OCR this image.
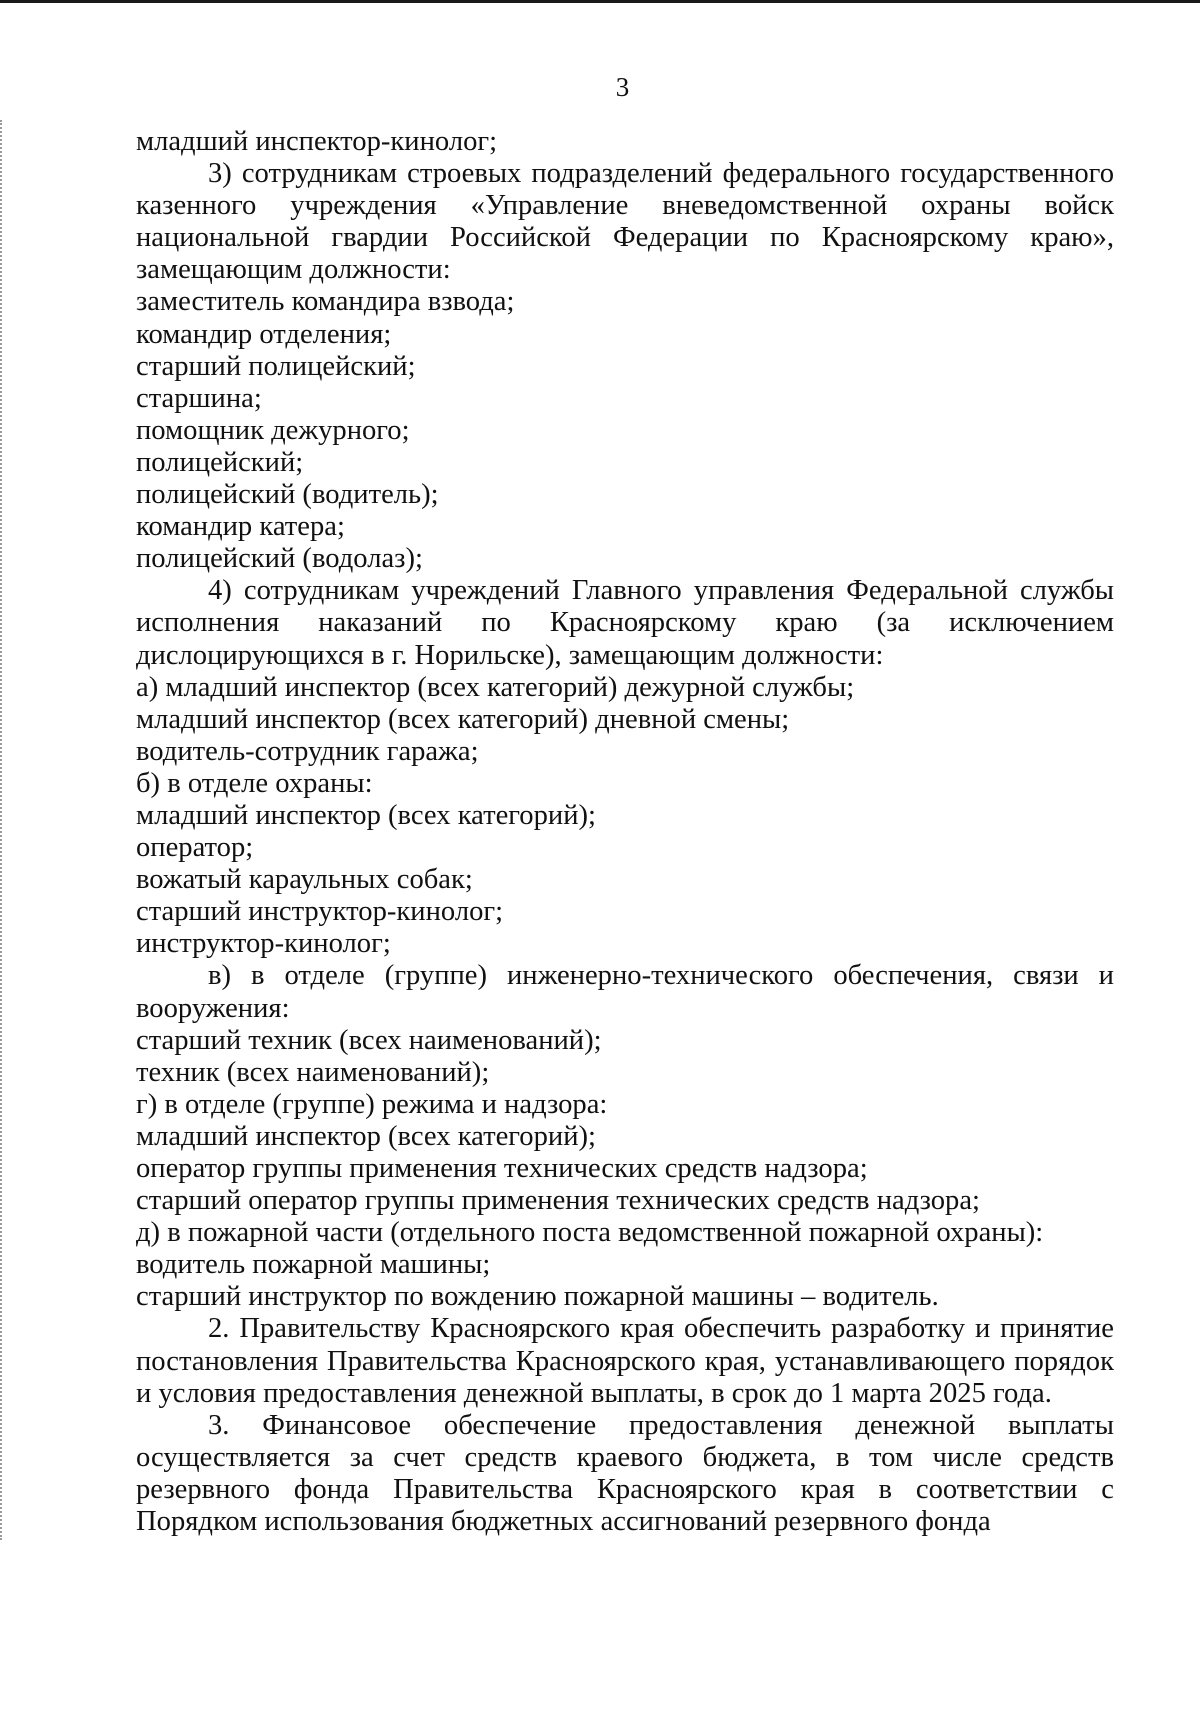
3

младший инспектор-кинолог;

3) сотрудникам строевых подразделений федерального государственного казенного учреждения «Управление вневедомственной охраны войск национальной гвардии Российской Федерации по Красноярскому краю», замещающим должности:

заместитель командира взвода;

командир отделения;

старший полицейский;

старшина;

помощник дежурного;

полицейский;

полицейский (водитель);

командир катера;

полицейский (водолаз);

4) сотрудникам учреждений Главного управления Федеральной службы исполнения наказаний по Красноярскому краю (за исключением дислоцирующихся в г. Норильске), замещающим должности:

а) младший инспектор (всех категорий) дежурной службы;

младший инспектор (всех категорий) дневной смены;

водитель-сотрудник гаража;

б) в отделе охраны:

младший инспектор (всех категорий);

оператор;

вожатый караульных собак;

старший инструктор-кинолог;

инструктор-кинолог;

в) в отделе (группе) инженерно-технического обеспечения, связи и вооружения:

старший техник (всех наименований);

техник (всех наименований);

г) в отделе (группе) режима и надзора:

младший инспектор (всех категорий);

оператор группы применения технических средств надзора;

старший оператор группы применения технических средств надзора;

д) в пожарной части (отдельного поста ведомственной пожарной охраны):

водитель пожарной машины;

старший инструктор по вождению пожарной машины – водитель.

2. Правительству Красноярского края обеспечить разработку и принятие постановления Правительства Красноярского края, устанавливающего порядок и условия предоставления денежной выплаты, в срок до 1 марта 2025 года.

3. Финансовое обеспечение предоставления денежной выплаты осуществляется за счет средств краевого бюджета, в том числе средств резервного фонда Правительства Красноярского края в соответствии с Порядком использования бюджетных ассигнований резервного фонда
